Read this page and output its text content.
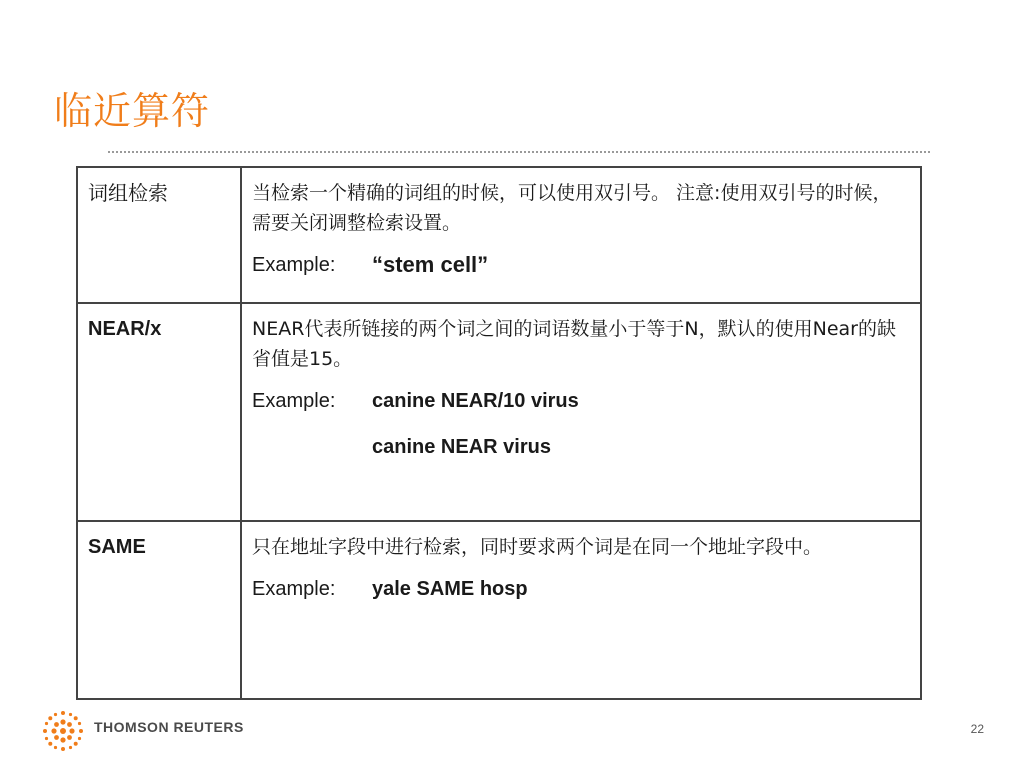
临近算符
词组检索	当检索一个精确的词组的时候，可以使用双引号。 注意:使用双引号的时候，需要关闭调整检索设置。
Example: “stem cell”

NEAR/x	NEAR代表所链接的两个词之间的词语数量小于等于N，默认的使用Near的缺省值是15。
Example: canine NEAR/10 virus
canine NEAR virus

SAME	只在地址字段中进行检索，同时要求两个词是在同一个地址字段中。
Example: yale SAME hosp
THOMSON REUTERS	22
